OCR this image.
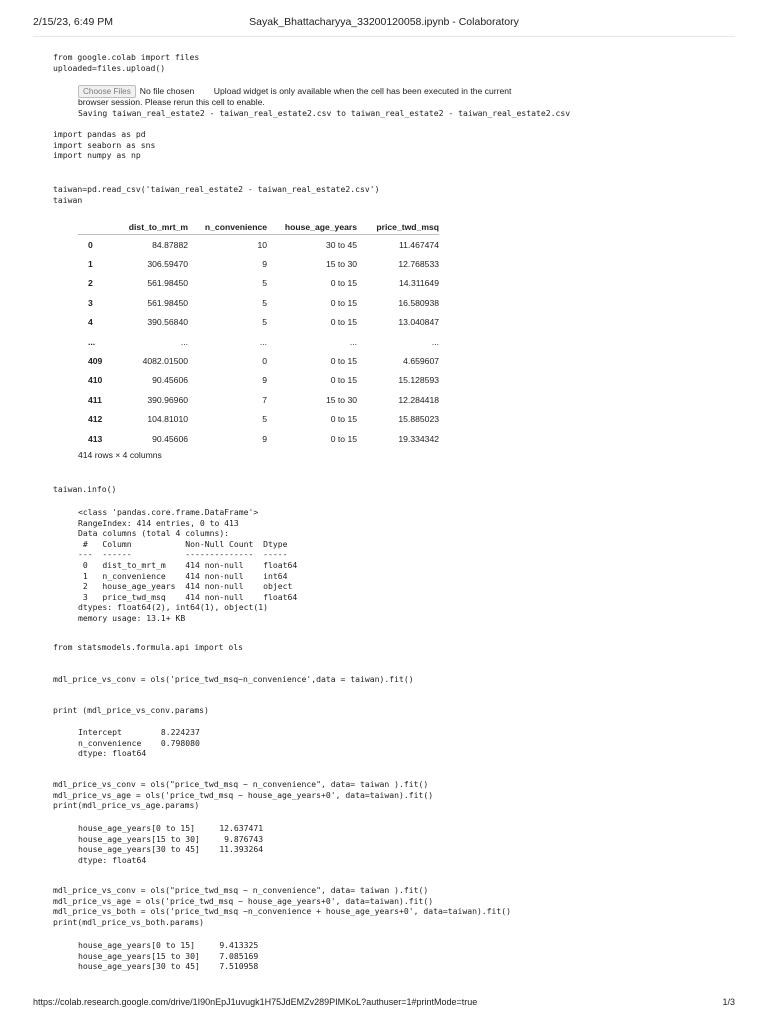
2/15/23, 6:49 PM	Sayak_Bhattacharyya_33200120058.ipynb - Colaboratory
from google.colab import files
uploaded=files.upload()
Choose Files	No file chosen	Upload widget is only available when the cell has been executed in the current
browser session. Please rerun this cell to enable.
Saving taiwan_real_estate2 - taiwan_real_estate2.csv to taiwan_real_estate2 - taiwan_real_estate2.csv
import pandas as pd
import seaborn as sns
import numpy as np
taiwan=pd.read_csv('taiwan_real_estate2 - taiwan_real_estate2.csv')
taiwan
	dist_to_mrt_m	n_convenience	house_age_years	price_twd_msq
0	84.87882	10	30 to 45	11.467474
1	306.59470	9	15 to 30	12.768533
2	561.98450	5	0 to 15	14.311649
3	561.98450	5	0 to 15	16.580938
4	390.56840	5	0 to 15	13.040847
...	...	...	...	...
409	4082.01500	0	0 to 15	4.659607
410	90.45606	9	0 to 15	15.128593
411	390.96960	7	15 to 30	12.284418
412	104.81010	5	0 to 15	15.885023
413	90.45606	9	0 to 15	19.334342
414 rows × 4 columns
taiwan.info()
<class 'pandas.core.frame.DataFrame'>
RangeIndex: 414 entries, 0 to 413
Data columns (total 4 columns):
#   Column           Non-Null Count  Dtype
---  ------           --------------  -----
0   dist_to_mrt_m    414 non-null    float64
1   n_convenience    414 non-null    int64
2   house_age_years  414 non-null    object
3   price_twd_msq    414 non-null    float64
dtypes: float64(2), int64(1), object(1)
memory usage: 13.1+ KB
from statsmodels.formula.api import ols
mdl_price_vs_conv = ols('price_twd_msq~n_convenience',data = taiwan).fit()
print (mdl_price_vs_conv.params)
Intercept        8.224237
n_convenience    0.798080
dtype: float64
mdl_price_vs_conv = ols("price_twd_msq ~ n_convenience", data= taiwan ).fit()
mdl_price_vs_age = ols('price_twd_msq ~ house_age_years+0', data=taiwan).fit()
print(mdl_price_vs_age.params)
house_age_years[0 to 15]     12.637471
house_age_years[15 to 30]     9.876743
house_age_years[30 to 45]    11.393264
dtype: float64
mdl_price_vs_conv = ols("price_twd_msq ~ n_convenience", data= taiwan ).fit()
mdl_price_vs_age = ols('price_twd_msq ~ house_age_years+0', data=taiwan).fit()
mdl_price_vs_both = ols('price_twd_msq ~n_convenience + house_age_years+0', data=taiwan).fit()
print(mdl_price_vs_both.params)
house_age_years[0 to 15]     9.413325
house_age_years[15 to 30]    7.085169
house_age_years[30 to 45]    7.510958
https://colab.research.google.com/drive/1I90nEpJ1uvugk1H75JdEMZv289PIMKoL?authuser=1#printMode=true	1/3
